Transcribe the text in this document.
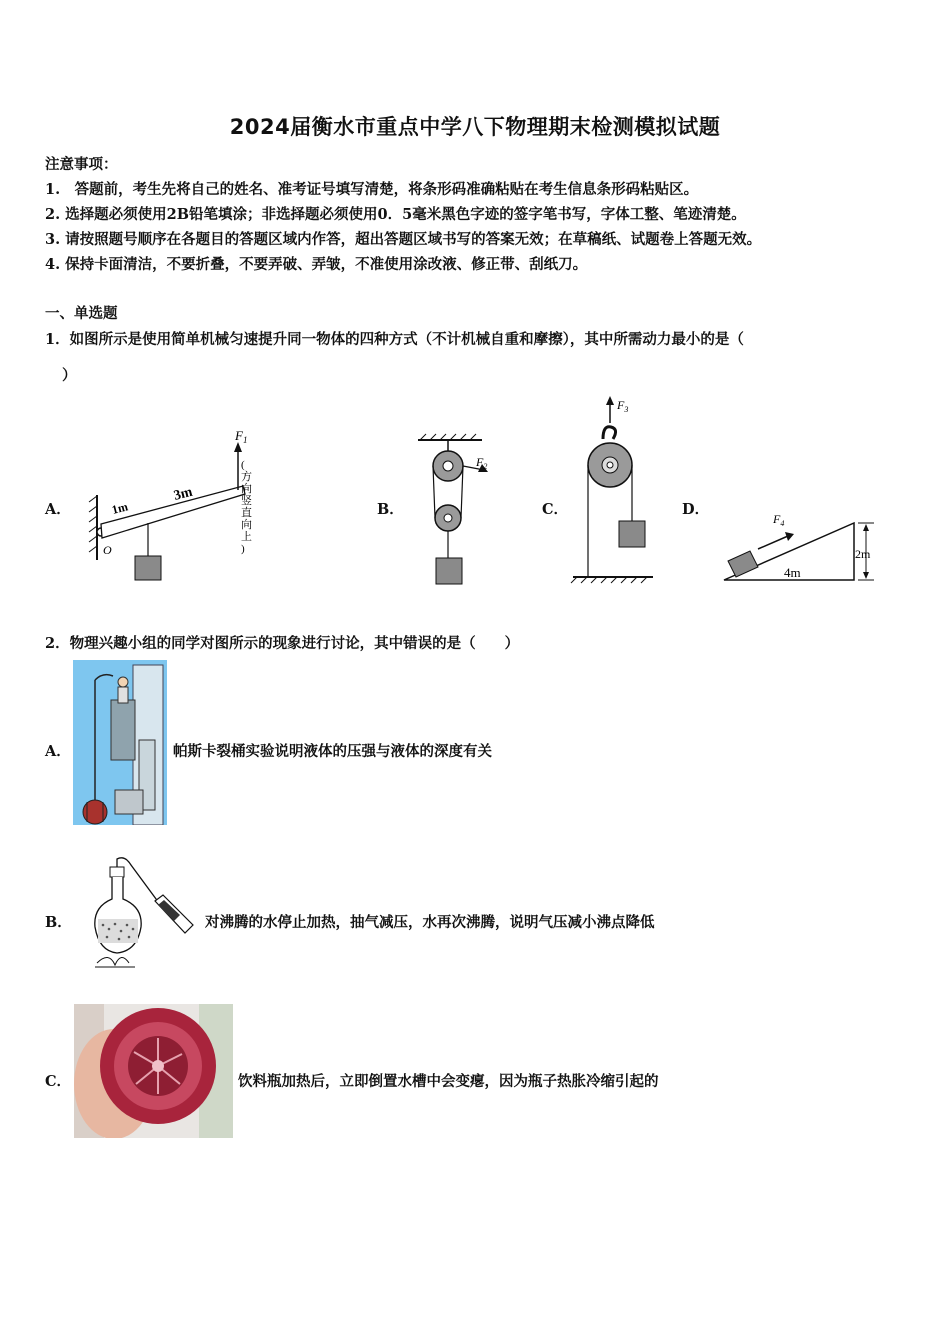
2024届衡水市重点中学八下物理期末检测模拟试题
注意事项：
1.　答题前，考生先将自己的姓名、准考证号填写清楚，将条形码准确粘贴在考生信息条形码粘贴区。
2. 选择题必须使用2B铅笔填涂；非选择题必须使用0．5毫米黑色字迹的签字笔书写，字体工整、笔迹清楚。
3. 请按照题号顺序在各题目的答题区域内作答，超出答题区域书写的答案无效；在草稿纸、试题卷上答题无效。
4. 保持卡面清洁，不要折叠，不要弄破、弄皱，不准使用涂改液、修正带、刮纸刀。
一、单选题
1．如图所示是使用简单机械匀速提升同一物体的四种方式（不计机械自重和摩擦），其中所需动力最小的是（
）
A．	B．	C．	D．
O
1m
3m
$F_1$
(
方
向
竖
直
向
上
)
$F_2$
$F_3$
$F_4$
4m
2m
2．物理兴趣小组的同学对图所示的现象进行讨论，其中错误的是（　　）
A．	帕斯卡裂桶实验说明液体的压强与液体的深度有关
B．	对沸腾的水停止加热，抽气减压，水再次沸腾，说明气压减小沸点降低
C．	饮料瓶加热后，立即倒置水槽中会变瘪，因为瓶子热胀冷缩引起的
